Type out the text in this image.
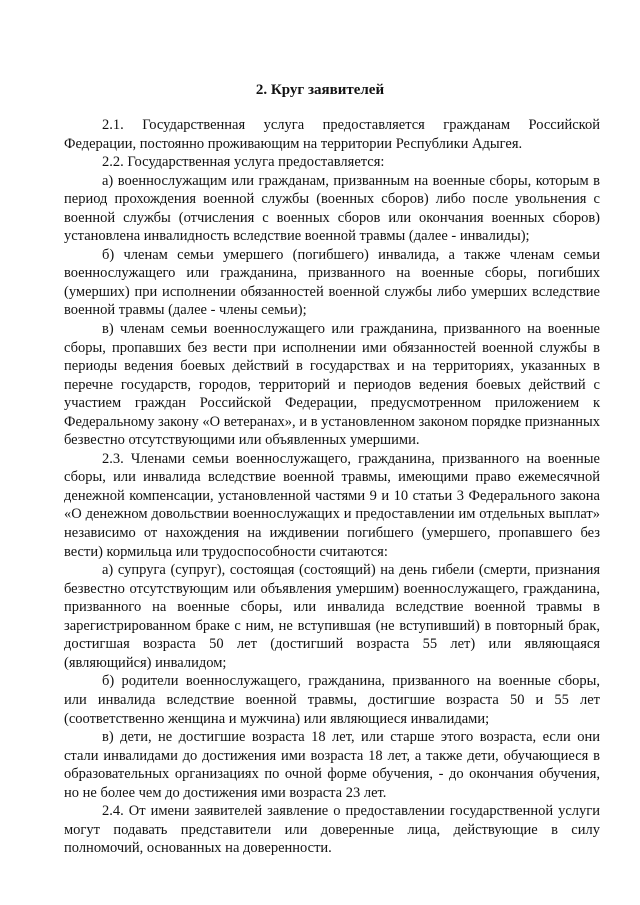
2. Круг заявителей

2.1. Государственная услуга предоставляется гражданам Российской Федерации, постоянно проживающим на территории Республики Адыгея.

2.2. Государственная услуга предоставляется:

а) военнослужащим или гражданам, призванным на военные сборы, которым в период прохождения военной службы (военных сборов) либо после увольнения с военной службы (отчисления с военных сборов или окончания военных сборов) установлена инвалидность вследствие военной травмы (далее - инвалиды);

б) членам семьи умершего (погибшего) инвалида, а также членам семьи военнослужащего или гражданина, призванного на военные сборы, погибших (умерших) при исполнении обязанностей военной службы либо умерших вследствие военной травмы (далее - члены семьи);

в) членам семьи военнослужащего или гражданина, призванного на военные сборы, пропавших без вести при исполнении ими обязанностей военной службы в периоды ведения боевых действий в государствах и на территориях, указанных в перечне государств, городов, территорий и периодов ведения боевых действий с участием граждан Российской Федерации, предусмотренном приложением к Федеральному закону «О ветеранах», и в установленном законом порядке признанных безвестно отсутствующими или объявленных умершими.

2.3. Членами семьи военнослужащего, гражданина, призванного на военные сборы, или инвалида вследствие военной травмы, имеющими право ежемесячной денежной компенсации, установленной частями 9 и 10 статьи 3 Федерального закона «О денежном довольствии военнослужащих и предоставлении им отдельных выплат» независимо от нахождения на иждивении погибшего (умершего, пропавшего без вести) кормильца или трудоспособности считаются:

а) супруга (супруг), состоящая (состоящий) на день гибели (смерти, признания безвестно отсутствующим или объявления умершим) военнослужащего, гражданина, призванного на военные сборы, или инвалида вследствие военной травмы в зарегистрированном браке с ним, не вступившая (не вступивший) в повторный брак, достигшая возраста 50 лет (достигший возраста 55 лет) или являющаяся (являющийся) инвалидом;

б) родители военнослужащего, гражданина, призванного на военные сборы, или инвалида вследствие военной травмы, достигшие возраста 50 и 55 лет (соответственно женщина и мужчина) или являющиеся инвалидами;

в) дети, не достигшие возраста 18 лет, или старше этого возраста, если они стали инвалидами до достижения ими возраста 18 лет, а также дети, обучающиеся в образовательных организациях по очной форме обучения, - до окончания обучения, но не более чем до достижения ими возраста 23 лет.

2.4. От имени заявителей заявление о предоставлении государственной услуги могут подавать представители или доверенные лица, действующие в силу полномочий, основанных на доверенности.
